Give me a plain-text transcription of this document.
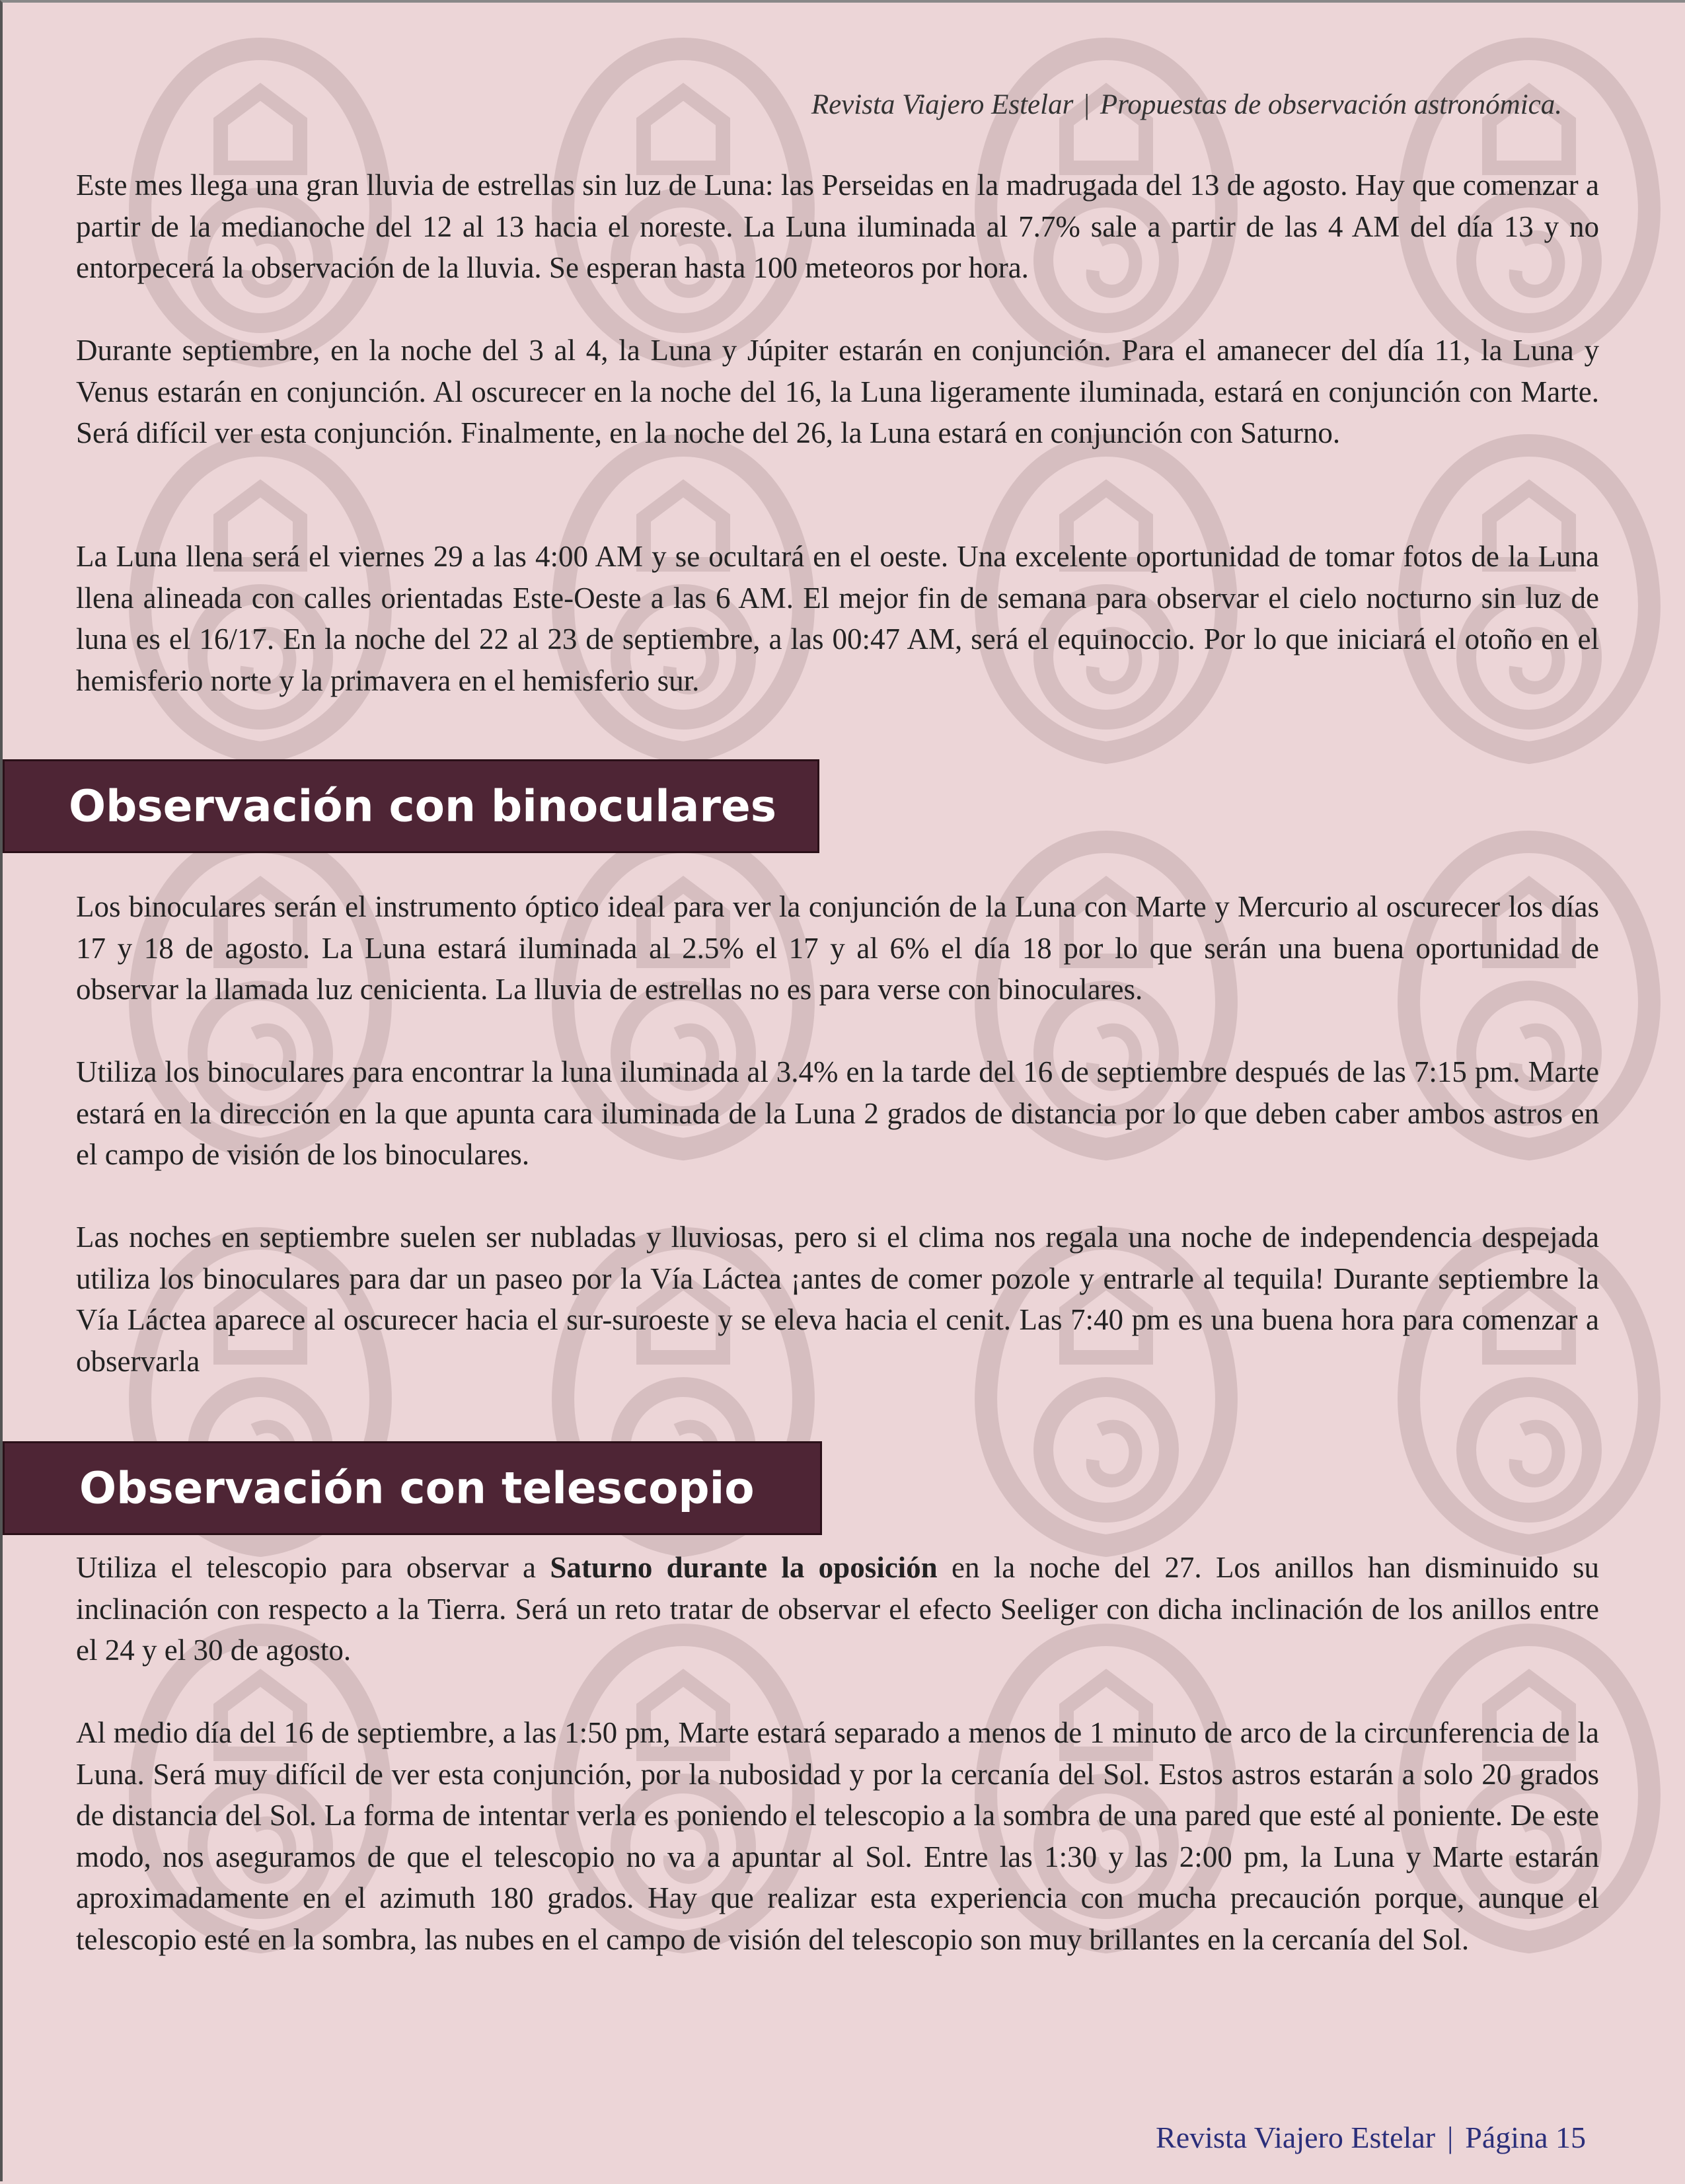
Revista Viajero Estelar | Propuestas de observación astronómica.

Este mes llega una gran lluvia de estrellas sin luz de Luna: las Perseidas en la madrugada del 13 de agosto. Hay que comenzar a partir de la medianoche del 12 al 13 hacia el noreste. La Luna iluminada al 7.7% sale a partir de las 4 AM del día 13 y no entorpecerá la observación de la lluvia. Se esperan hasta 100 meteoros por hora.

Durante septiembre, en la noche del 3 al 4, la Luna y Júpiter estarán en conjunción. Para el amanecer del día 11, la Luna y Venus estarán en conjunción. Al oscurecer en la noche del 16, la Luna ligeramente iluminada, estará en conjunción con Marte. Será difícil ver esta conjunción. Finalmente, en la noche del 26, la Luna estará en conjunción con Saturno.

La Luna llena será el viernes 29 a las 4:00 AM y se ocultará en el oeste. Una excelente oportunidad de tomar fotos de la Luna llena alineada con calles orientadas Este-Oeste a las 6 AM. El mejor fin de semana para observar el cielo nocturno sin luz de luna es el 16/17. En la noche del 22 al 23 de septiembre, a las 00:47 AM, será el equinoccio. Por lo que iniciará el otoño en el hemisferio norte y la primavera en el hemisferio sur.

Observación con binoculares

Los binoculares serán el instrumento óptico ideal para ver la conjunción de la Luna con Marte y Mercurio al oscurecer los días 17 y 18 de agosto. La Luna estará iluminada al 2.5% el 17 y al 6% el día 18 por lo que serán una buena oportunidad de observar la llamada luz cenicienta. La lluvia de estrellas no es para verse con binoculares.

Utiliza los binoculares para encontrar la luna iluminada al 3.4% en la tarde del 16 de septiembre después de las 7:15 pm. Marte estará en la dirección en la que apunta cara iluminada de la Luna 2 grados de distancia por lo que deben caber ambos astros en el campo de visión de los binoculares.

Las noches en septiembre suelen ser nubladas y lluviosas, pero si el clima nos regala una noche de independencia despejada utiliza los binoculares para dar un paseo por la Vía Láctea ¡antes de comer pozole y entrarle al tequila! Durante septiembre la Vía Láctea aparece al oscurecer hacia el sur-suroeste y se eleva hacia el cenit. Las 7:40 pm es una buena hora para comenzar a observarla

Observación con telescopio

Utiliza el telescopio para observar a Saturno durante la oposición en la noche del 27. Los anillos han disminuido su inclinación con respecto a la Tierra. Será un reto tratar de observar el efecto Seeliger con dicha inclinación de los anillos entre el 24 y el 30 de agosto.

Al medio día del 16 de septiembre, a las 1:50 pm, Marte estará separado a menos de 1 minuto de arco de la circunferencia de la Luna. Será muy difícil de ver esta conjunción, por la nubosidad y por la cercanía del Sol. Estos astros estarán a solo 20 grados de distancia del Sol. La forma de intentar verla es poniendo el telescopio a la sombra de una pared que esté al poniente. De este modo, nos aseguramos de que el telescopio no va a apuntar al Sol. Entre las 1:30 y las 2:00 pm, la Luna y Marte estarán aproximadamente en el azimuth 180 grados. Hay que realizar esta experiencia con mucha precaución porque, aunque el telescopio esté en la sombra, las nubes en el campo de visión del telescopio son muy brillantes en la cercanía del Sol.

Revista Viajero Estelar | Página 15
